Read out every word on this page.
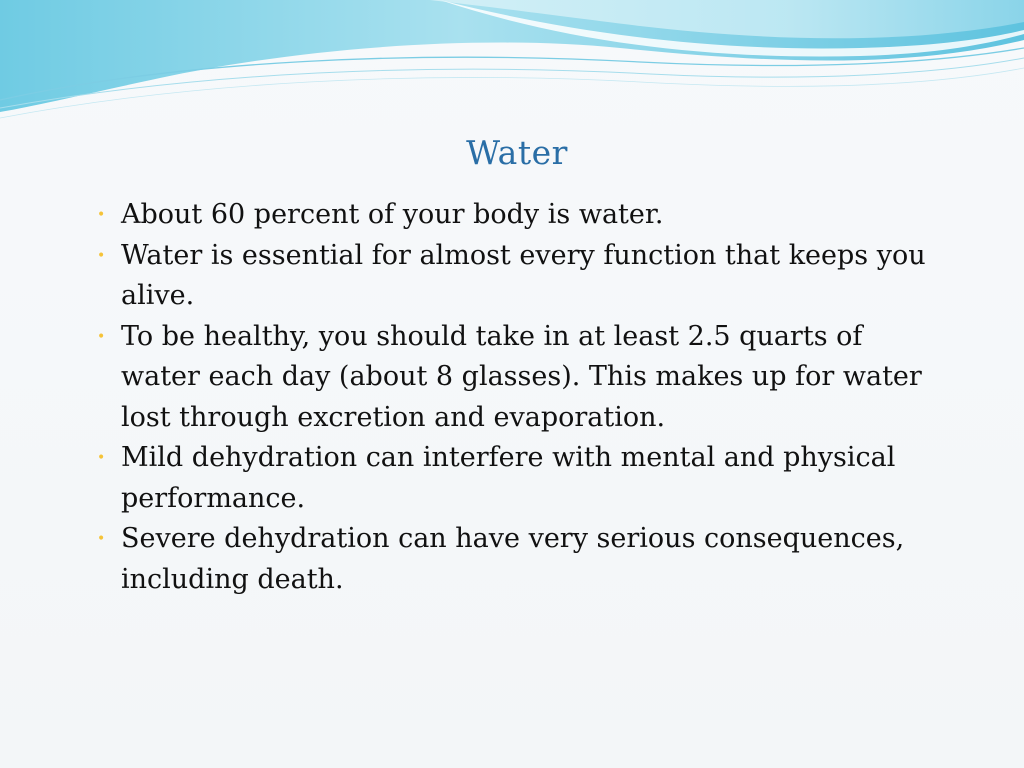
Water
• About 60 percent of your body is water.
• Water is essential for almost every function that keeps you alive.
• To be healthy, you should take in at least 2.5 quarts of water each day (about 8 glasses). This makes up for water lost through excretion and evaporation.
• Mild dehydration can interfere with mental and physical performance.
• Severe dehydration can have very serious consequences, including death.
